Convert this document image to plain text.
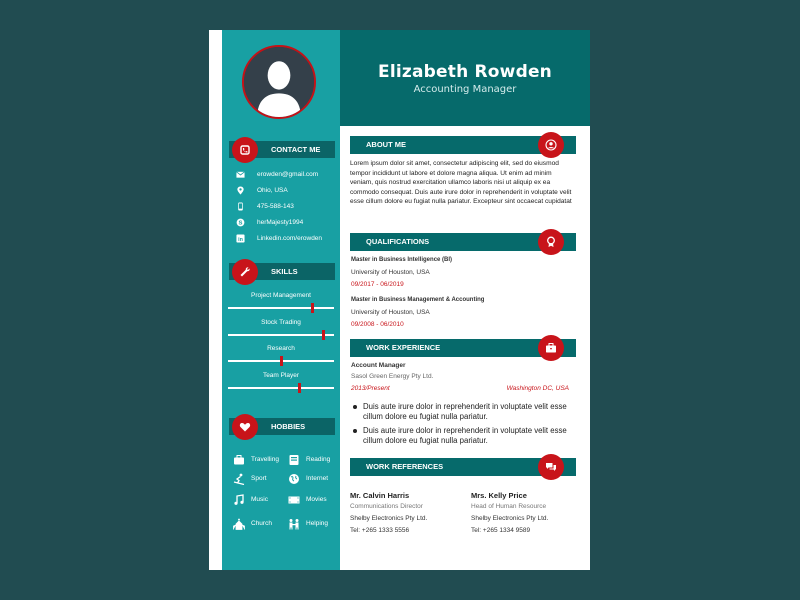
Elizabeth Rowden
Accounting Manager
CONTACT ME
erowden@gmail.com
Ohio, USA
475-588-143
S herMajesty1994
in Linkedin.com/erowden
SKILLS
Project Management
Stock Trading
Research
Team Player
HOBBIES
Travelling	Reading
Sport	Internet
Music	Movies
Church	Helping
ABOUT ME
Lorem ipsum dolor sit amet, consectetur adipiscing elit, sed do eiusmod tempor incididunt ut labore et dolore magna aliqua. Ut enim ad minim veniam, quis nostrud exercitation ullamco laboris nisi ut aliquip ex ea commodo consequat. Duis aute irure dolor in reprehenderit in voluptate velit esse cillum dolore eu fugiat nulla pariatur. Excepteur sint occaecat cupidatat
QUALIFICATIONS
Master in Business Intelligence (BI)
University of Houston, USA
09/2017 - 06/2019
Master in Business Management & Accounting
University of Houston, USA
09/2008 - 06/2010
WORK EXPERIENCE
Account Manager
Sasol Green Energy Pty Ltd.
2013/Present	Washington DC, USA
Duis aute irure dolor in reprehenderit in voluptate velit esse cillum dolore eu fugiat nulla pariatur.
Duis aute irure dolor in reprehenderit in voluptate velit esse cillum dolore eu fugiat nulla pariatur.
WORK REFERENCES
Mr. Calvin Harris
Communications Director
Shelby Electronics Pty Ltd.
Tel: +265 1333 5556
Mrs. Kelly Price
Head of Human Resource
Shelby Electronics Pty Ltd.
Tel: +265 1334 9589
